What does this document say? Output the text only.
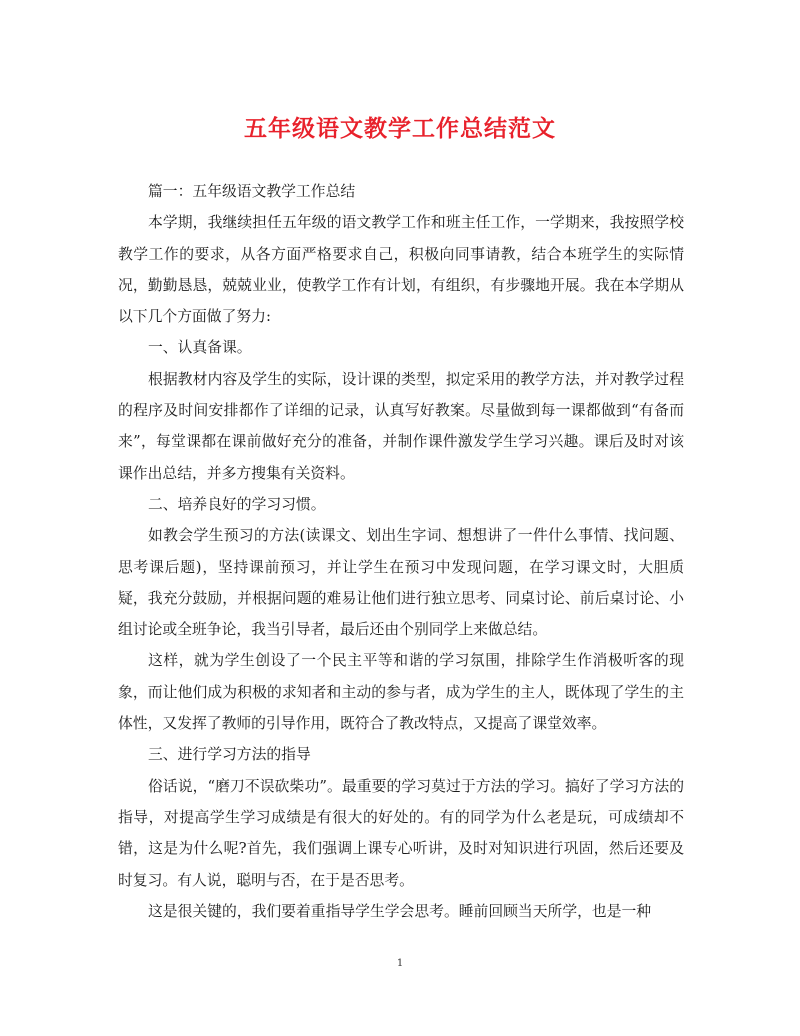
五年级语文教学工作总结范文

篇一：五年级语文教学工作总结

本学期，我继续担任五年级的语文教学工作和班主任工作，一学期来，我按照学校教学工作的要求，从各方面严格要求自己，积极向同事请教，结合本班学生的实际情况，勤勤恳恳，兢兢业业，使教学工作有计划，有组织，有步骤地开展。我在本学期从以下几个方面做了努力:

一、认真备课。

根据教材内容及学生的实际，设计课的类型，拟定采用的教学方法，并对教学过程的程序及时间安排都作了详细的记录，认真写好教案。尽量做到每一课都做到“有备而来”，每堂课都在课前做好充分的准备，并制作课件激发学生学习兴趣。课后及时对该课作出总结，并多方搜集有关资料。

二、培养良好的学习习惯。

如教会学生预习的方法(读课文、划出生字词、想想讲了一件什么事情、找问题、思考课后题)，坚持课前预习，并让学生在预习中发现问题，在学习课文时，大胆质疑，我充分鼓励，并根据问题的难易让他们进行独立思考、同桌讨论、前后桌讨论、小组讨论或全班争论，我当引导者，最后还由个别同学上来做总结。

这样，就为学生创设了一个民主平等和谐的学习氛围，排除学生作消极听客的现象，而让他们成为积极的求知者和主动的参与者，成为学生的主人，既体现了学生的主体性，又发挥了教师的引导作用，既符合了教改特点，又提高了课堂效率。

三、进行学习方法的指导

俗话说，“磨刀不误砍柴功”。最重要的学习莫过于方法的学习。搞好了学习方法的指导，对提高学生学习成绩是有很大的好处的。有的同学为什么老是玩，可成绩却不错，这是为什么呢?首先，我们强调上课专心听讲，及时对知识进行巩固，然后还要及时复习。有人说，聪明与否，在于是否思考。

这是很关键的，我们要着重指导学生学会思考。睡前回顾当天所学，也是一种

1
